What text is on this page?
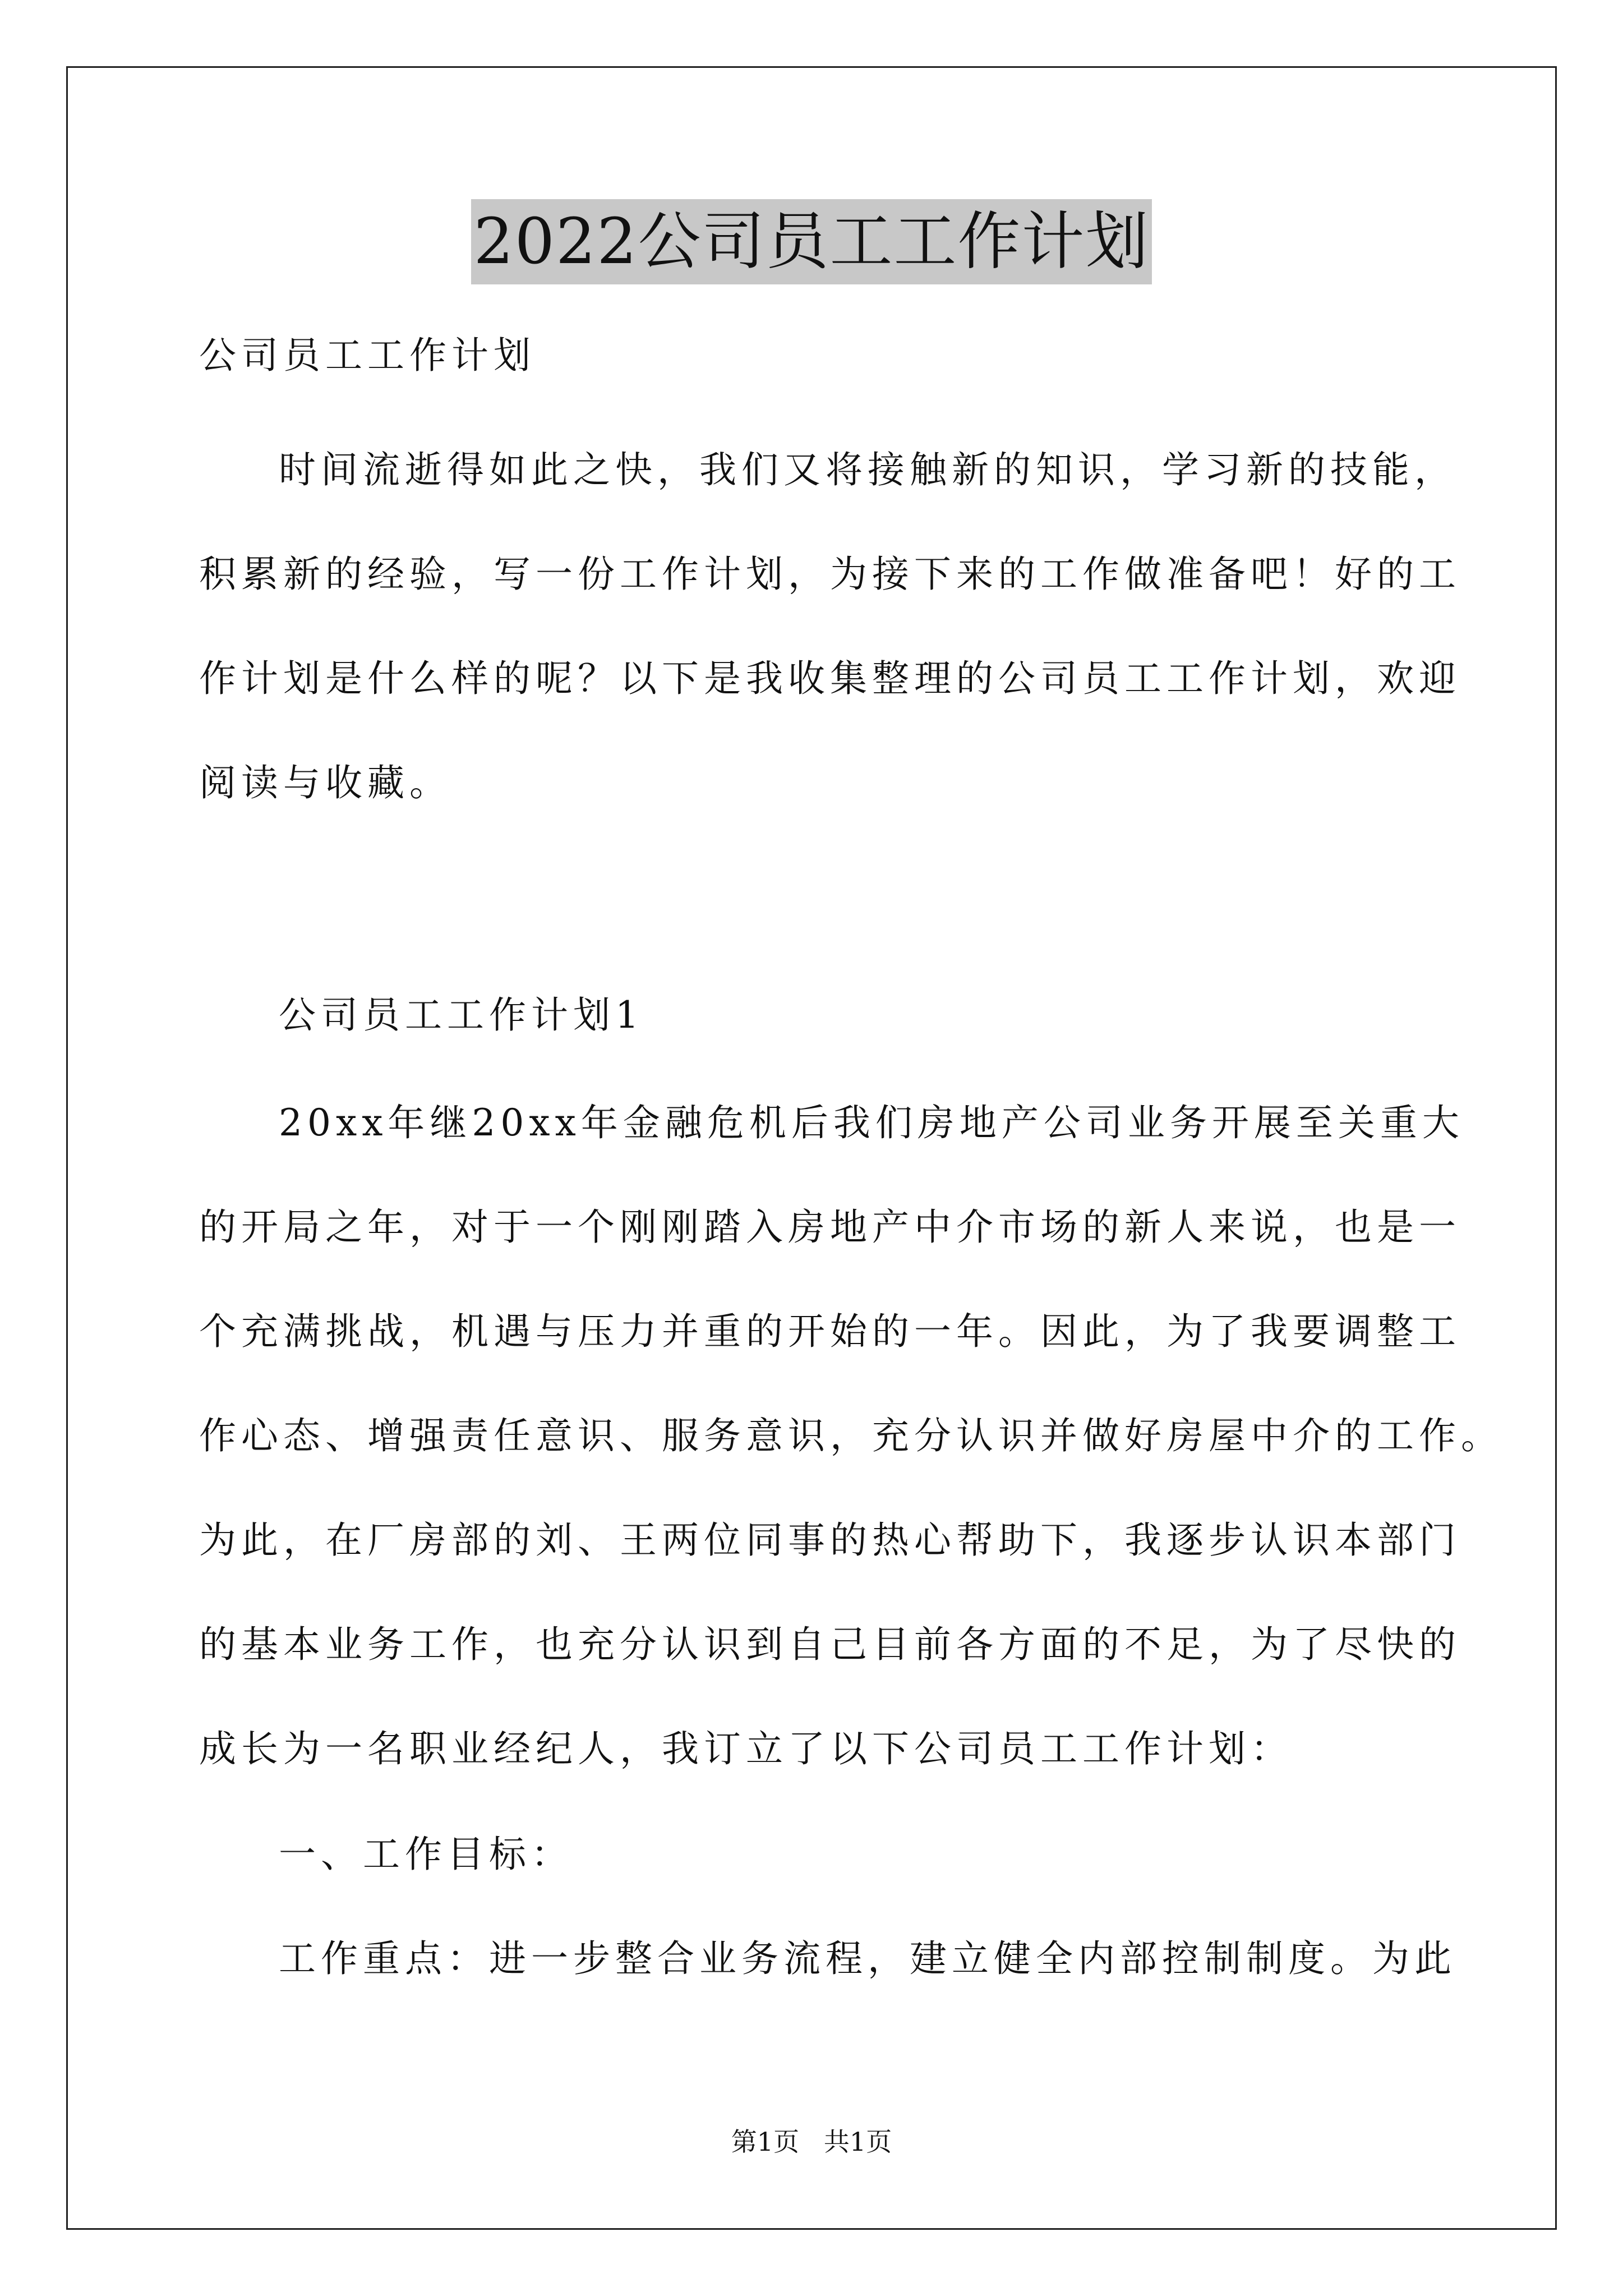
2022公司员工工作计划
公司员工工作计划
时间流逝得如此之快，我们又将接触新的知识，学习新的技能，
积累新的经验，写一份工作计划，为接下来的工作做准备吧！好的工
作计划是什么样的呢？以下是我收集整理的公司员工工作计划，欢迎
阅读与收藏。
公司员工工作计划1
20xx年继20xx年金融危机后我们房地产公司业务开展至关重大
的开局之年，对于一个刚刚踏入房地产中介市场的新人来说，也是一
个充满挑战，机遇与压力并重的开始的一年。因此，为了我要调整工
作心态、增强责任意识、服务意识，充分认识并做好房屋中介的工作。
为此，在厂房部的刘、王两位同事的热心帮助下，我逐步认识本部门
的基本业务工作，也充分认识到自己目前各方面的不足，为了尽快的
成长为一名职业经纪人，我订立了以下公司员工工作计划：
一、工作目标：
工作重点：进一步整合业务流程，建立健全内部控制制度。为此
第1页   共1页
